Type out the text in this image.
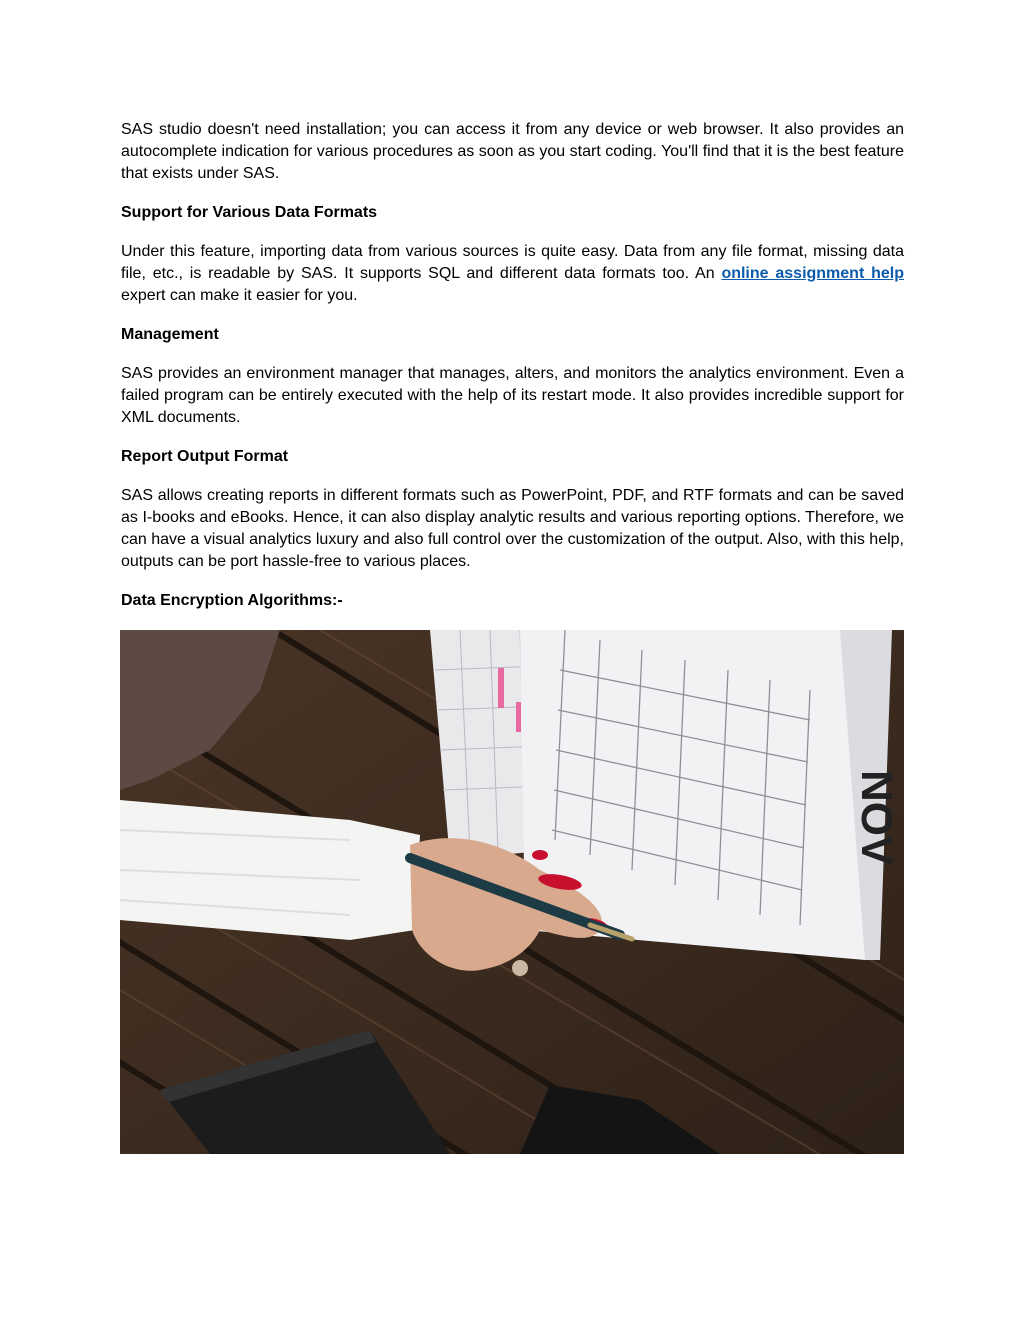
SAS studio doesn't need installation; you can access it from any device or web browser. It also provides an autocomplete indication for various procedures as soon as you start coding. You'll find that it is the best feature that exists under SAS.

Support for Various Data Formats

Under this feature, importing data from various sources is quite easy. Data from any file format, missing data file, etc., is readable by SAS. It supports SQL and different data formats too. An online assignment help expert can make it easier for you.

Management

SAS provides an environment manager that manages, alters, and monitors the analytics environment. Even a failed program can be entirely executed with the help of its restart mode. It also provides incredible support for XML documents.

Report Output Format

SAS allows creating reports in different formats such as PowerPoint, PDF, and RTF formats and can be saved as I-books and eBooks. Hence, it can also display analytic results and various reporting options. Therefore, we can have a visual analytics luxury and also full control over the customization of the output. Also, with this help, outputs can be port hassle-free to various places.

Data Encryption Algorithms:-
NOV
